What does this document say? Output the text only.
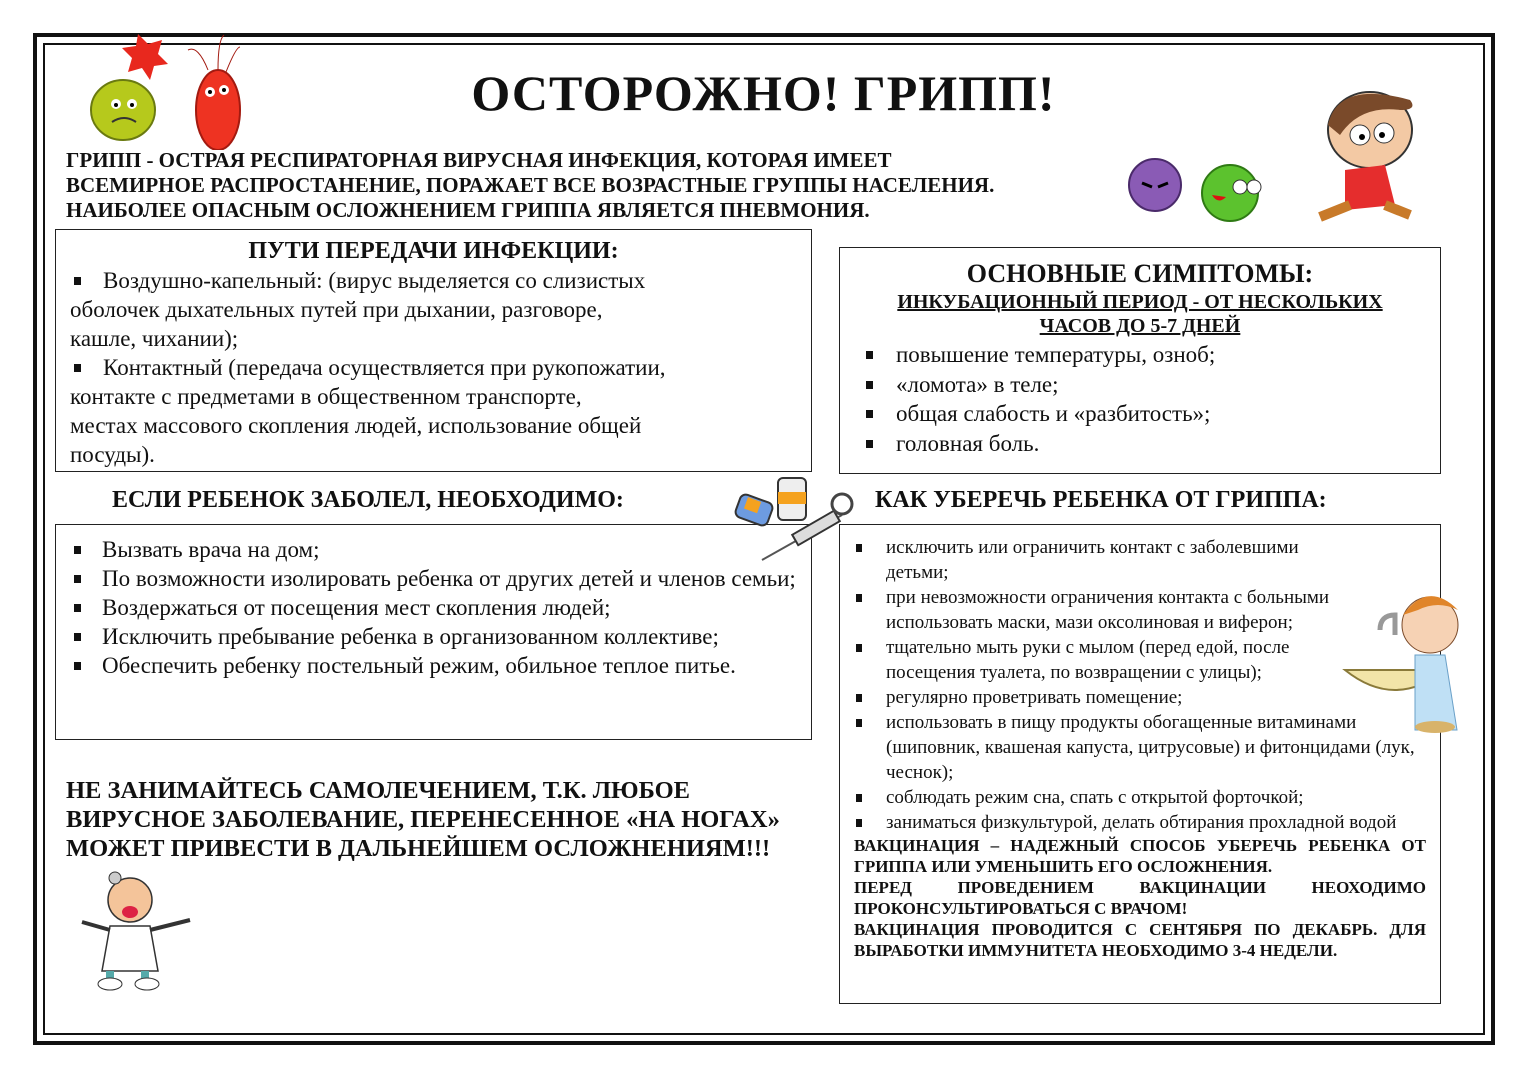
ОСТОРОЖНО! ГРИПП!
ГРИПП - ОСТРАЯ РЕСПИРАТОРНАЯ ВИРУСНАЯ ИНФЕКЦИЯ, КОТОРАЯ ИМЕЕТ
ВСЕМИРНОЕ РАСПРОСТАНЕНИЕ, ПОРАЖАЕТ ВСЕ ВОЗРАСТНЫЕ ГРУППЫ НАСЕЛЕНИЯ.
НАИБОЛЕЕ ОПАСНЫМ ОСЛОЖНЕНИЕМ ГРИППА ЯВЛЯЕТСЯ ПНЕВМОНИЯ.
ПУТИ ПЕРЕДАЧИ ИНФЕКЦИИ:

Воздушно-капельный: (вирус выделяется со слизистых

оболочек дыхательных путей при дыхании, разговоре,

кашле, чихании);

Контактный (передача осуществляется при рукопожатии,

контакте с предметами в общественном транспорте,

местах массового скопления людей, использование общей

посуды).

ОСНОВНЫЕ СИМПТОМЫ:
ИНКУБАЦИОННЫЙ ПЕРИОД - ОТ НЕСКОЛЬКИХ
ЧАСОВ ДО 5-7 ДНЕЙ
повышение температуры, озноб;
«ломота» в теле;
общая слабость и «разбитость»;
головная боль.
ЕСЛИ РЕБЕНОК ЗАБОЛЕЛ, НЕОБХОДИМО:	КАК УБЕРЕЧЬ РЕБЕНКА ОТ ГРИППА:
Вызвать врача на дом;
По возможности изолировать ребенка от других детей и членов семьи;
Воздержаться от посещения мест скопления людей;
Исключить пребывание ребенка в организованном коллективе;
Обеспечить ребенку постельный режим, обильное теплое питье.
исключить или ограничить контакт с заболевшими детьми;
при невозможности ограничения контакта с больными использовать маски, мази оксолиновая и виферон;
тщательно мыть руки с мылом (перед едой, после посещения туалета, по возвращении с улицы);
регулярно проветривать помещение;
использовать в пищу продукты обогащенные витаминами (шиповник, квашеная капуста, цитрусовые) и фитонцидами (лук, чеснок);
соблюдать режим сна, спать с открытой форточкой;
заниматься физкультурой, делать обтирания прохладной водой
ВАКЦИНАЦИЯ – НАДЕЖНЫЙ СПОСОБ УБЕРЕЧЬ РЕБЕНКА ОТ ГРИППА ИЛИ УМЕНЬШИТЬ ЕГО ОСЛОЖНЕНИЯ.
ПЕРЕД ПРОВЕДЕНИЕМ ВАКЦИНАЦИИ НЕОХОДИМО ПРОКОНСУЛЬТИРОВАТЬСЯ С ВРАЧОМ!
ВАКЦИНАЦИЯ ПРОВОДИТСЯ С СЕНТЯБРЯ ПО ДЕКАБРЬ. ДЛЯ ВЫРАБОТКИ ИММУНИТЕТА НЕОБХОДИМО 3-4 НЕДЕЛИ.
НЕ ЗАНИМАЙТЕСЬ САМОЛЕЧЕНИЕМ, Т.К. ЛЮБОЕ
ВИРУСНОЕ ЗАБОЛЕВАНИЕ, ПЕРЕНЕСЕННОЕ «НА НОГАХ»
МОЖЕТ ПРИВЕСТИ В ДАЛЬНЕЙШЕМ ОСЛОЖНЕНИЯМ!!!
